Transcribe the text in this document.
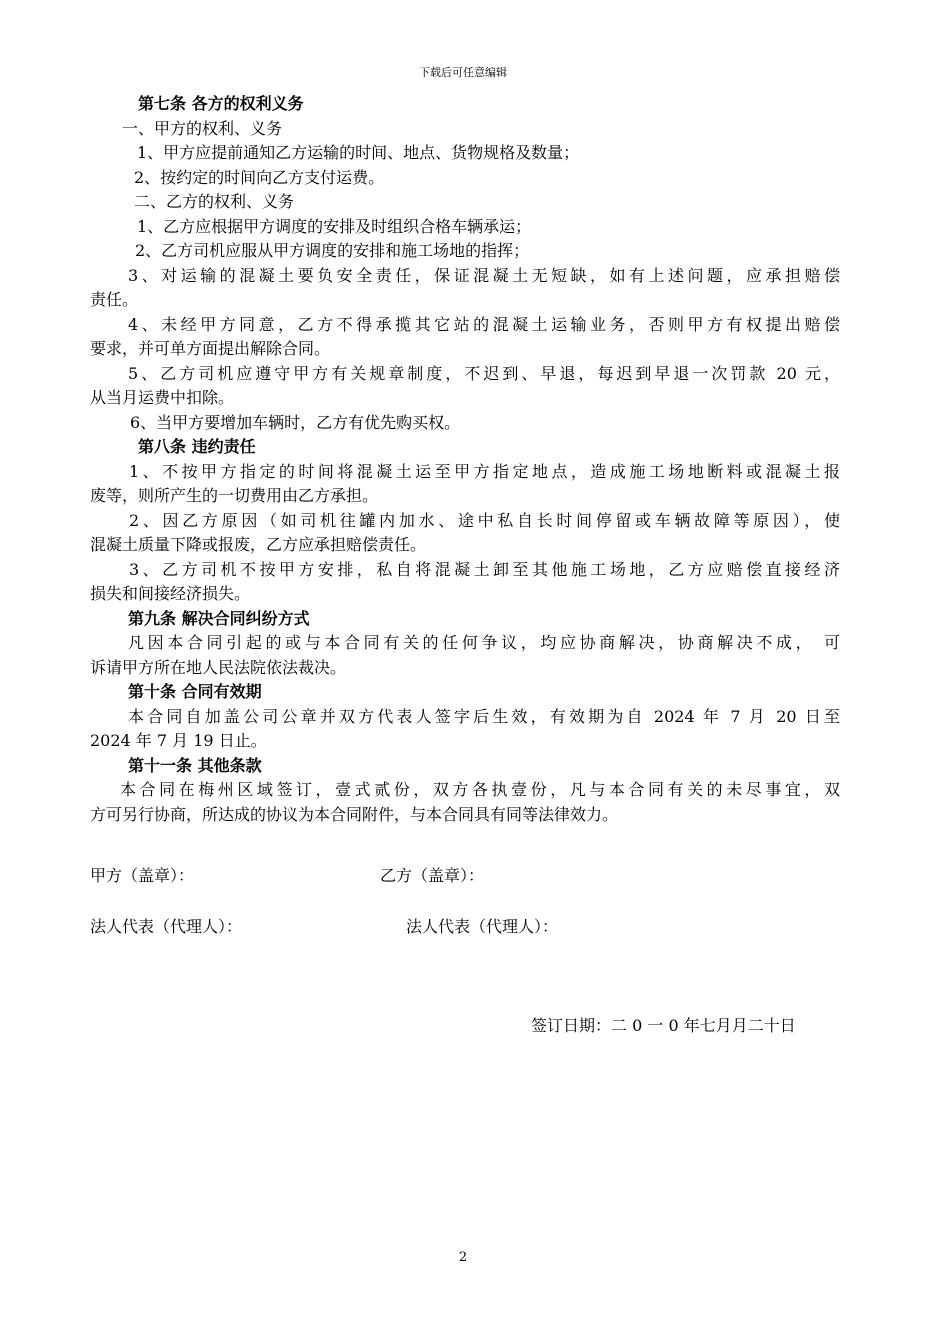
下载后可任意编辑
第七条 各方的权利义务
一、甲方的权利、义务
1、甲方应提前通知乙方运输的时间、地点、货物规格及数量；
2、按约定的时间向乙方支付运费。
二、乙方的权利、义务
1、乙方应根据甲方调度的安排及时组织合格车辆承运；
2、乙方司机应服从甲方调度的安排和施工场地的指挥；
3、对运输的混凝土要负安全责任，保证混凝土无短缺，如有上述问题，应承担赔偿
责任。
4、未经甲方同意，乙方不得承揽其它站的混凝土运输业务，否则甲方有权提出赔偿
要求，并可单方面提出解除合同。
5、乙方司机应遵守甲方有关规章制度，不迟到、早退，每迟到早退一次罚款 20 元，
从当月运费中扣除。
6、当甲方要增加车辆时，乙方有优先购买权。
第八条 违约责任
1、不按甲方指定的时间将混凝土运至甲方指定地点，造成施工场地断料或混凝土报
废等，则所产生的一切费用由乙方承担。
2、因乙方原因（如司机往罐内加水、途中私自长时间停留或车辆故障等原因），使
混凝土质量下降或报废，乙方应承担赔偿责任。
3、乙方司机不按甲方安排，私自将混凝土卸至其他施工场地，乙方应赔偿直接经济
损失和间接经济损失。
第九条 解决合同纠纷方式
凡因本合同引起的或与本合同有关的任何争议，均应协商解决，协商解决不成， 可
诉请甲方所在地人民法院依法裁决。
第十条 合同有效期
本合同自加盖公司公章并双方代表人签字后生效，有效期为自 2024 年 7 月 20 日至
2024 年 7 月 19 日止。
第十一条 其他条款
本合同在梅州区域签订，壹式贰份，双方各执壹份，凡与本合同有关的未尽事宜，双
方可另行协商，所达成的协议为本合同附件，与本合同具有同等法律效力。
甲方（盖章）：	乙方（盖章）：
法人代表（代理人）：	法人代表（代理人）：
签订日期：二 0 一 0 年七月月二十日
2
